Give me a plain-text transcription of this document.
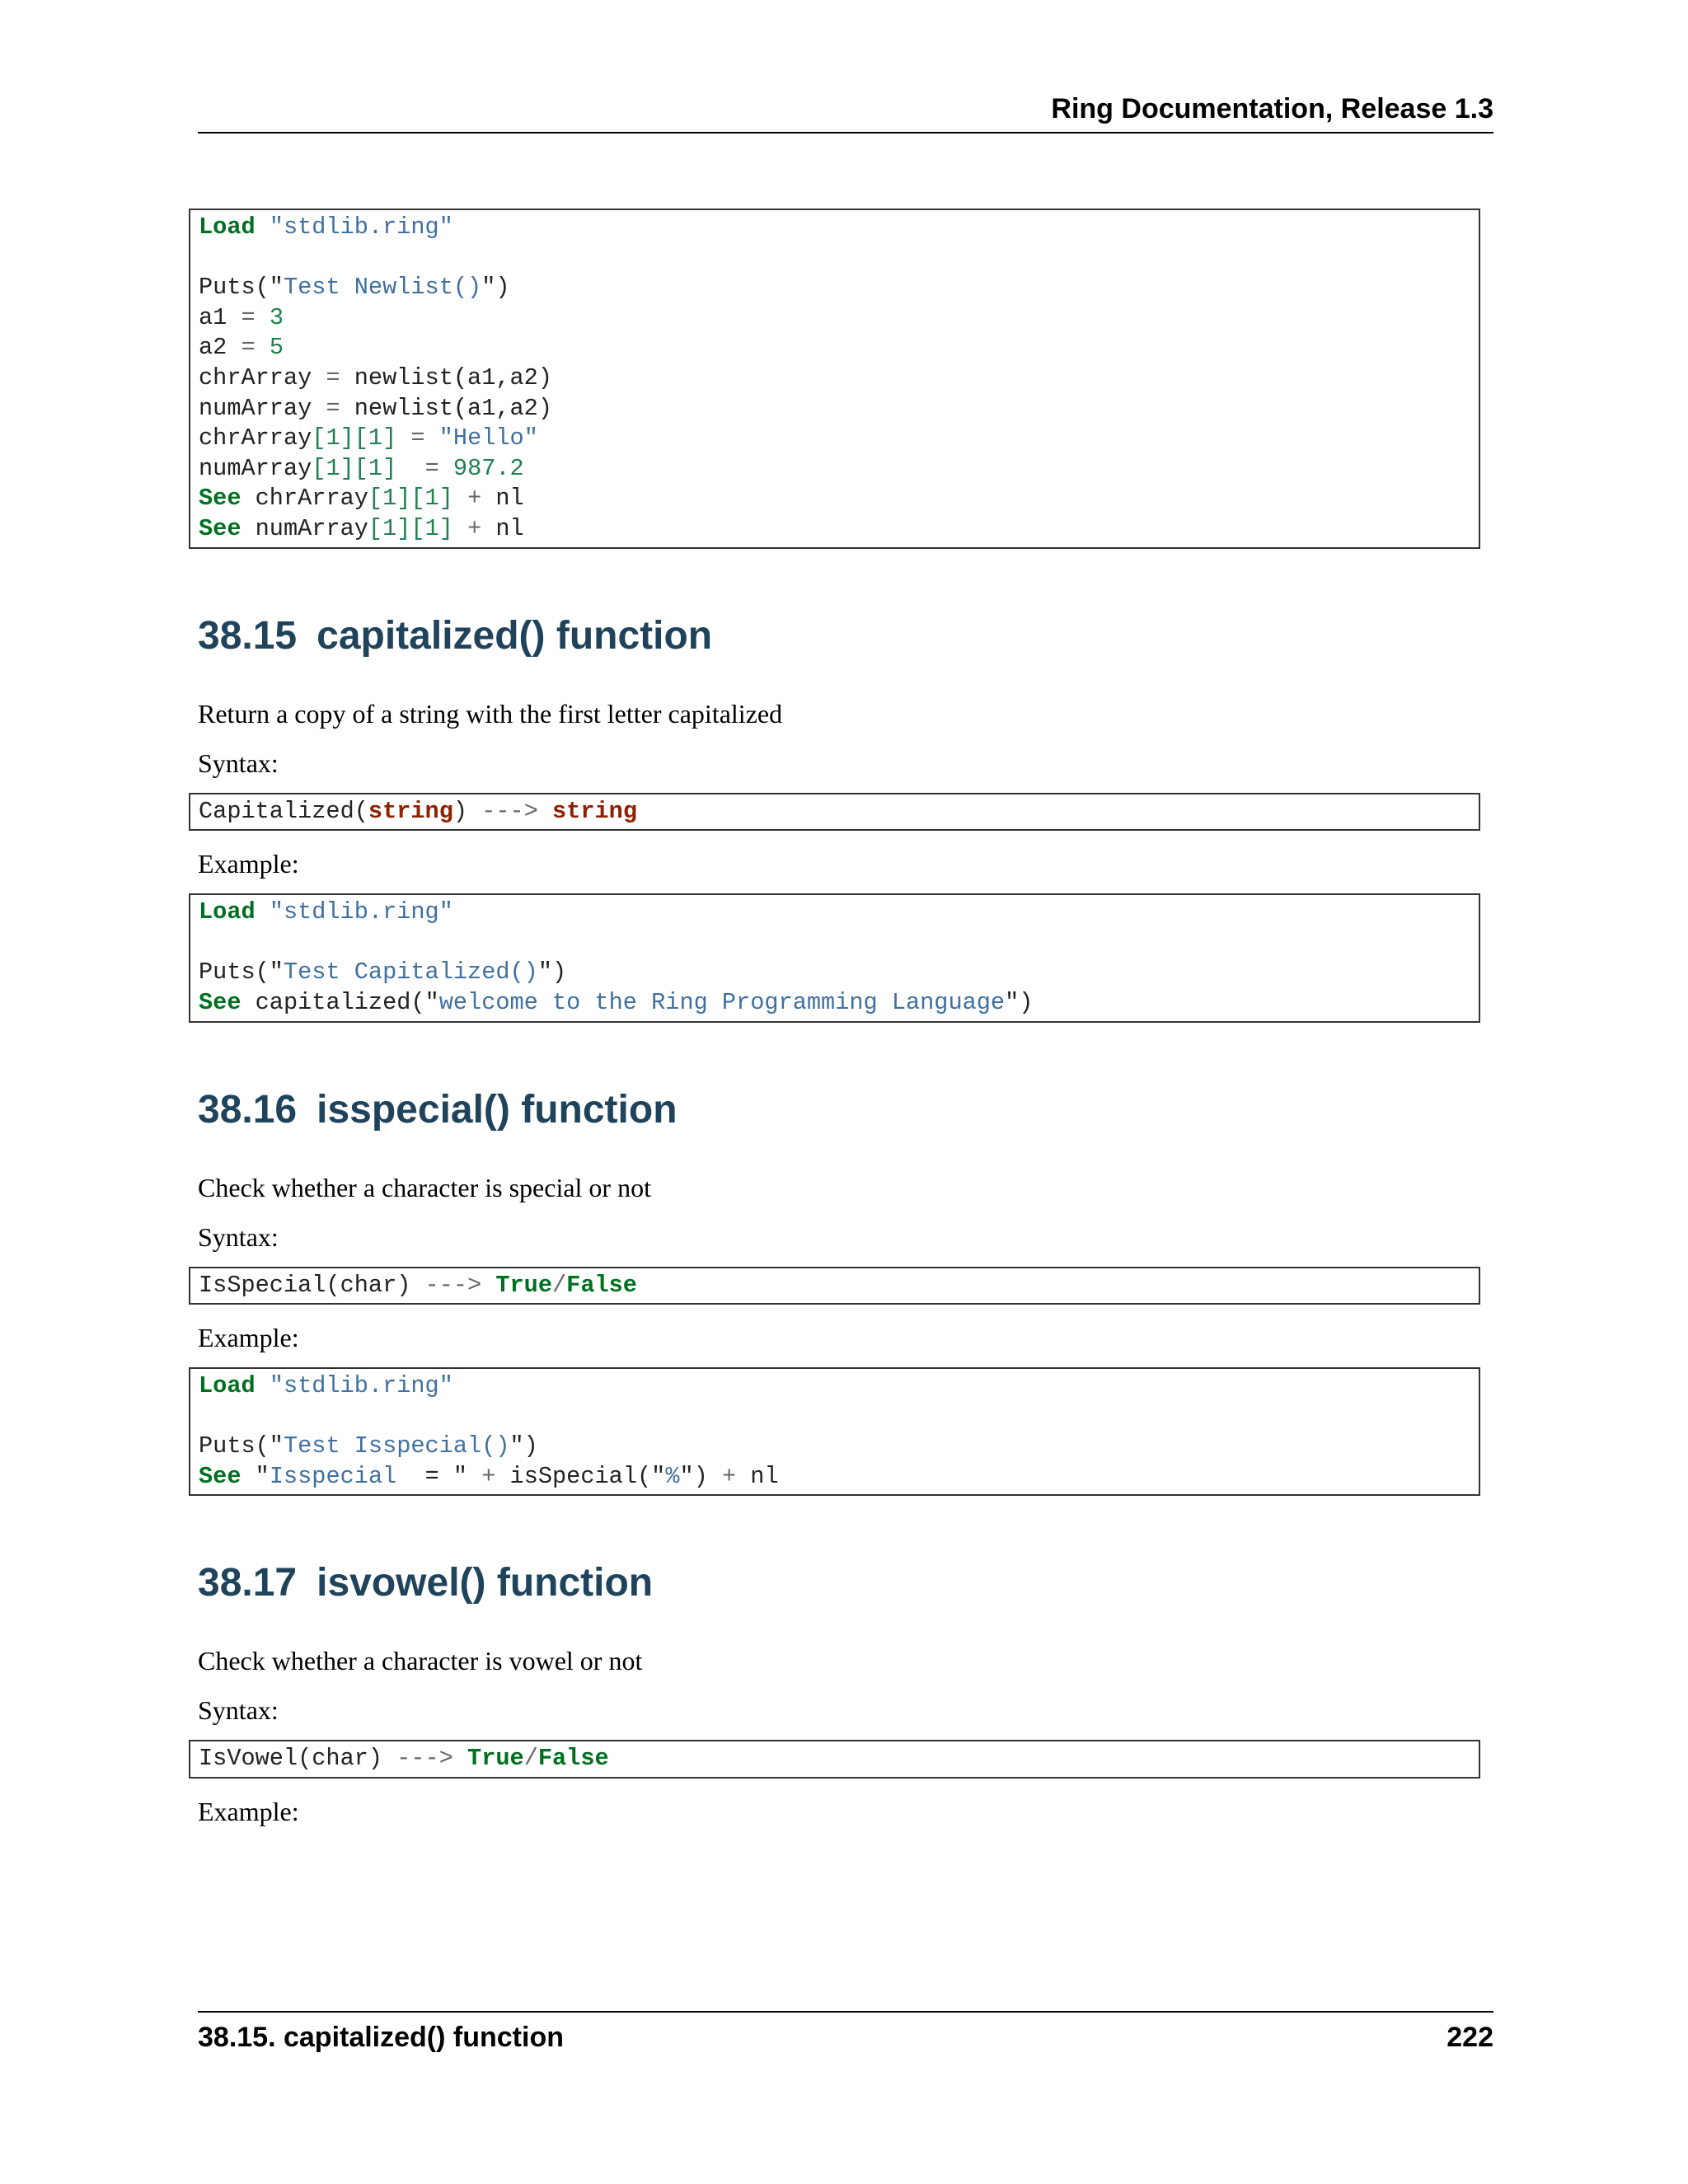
Ring Documentation, Release 1.3
Load "stdlib.ring"
Puts("Test Newlist()")
a1 = 3
a2 = 5
chrArray = newlist(a1,a2)
numArray = newlist(a1,a2)
chrArray[1][1] = "Hello"
numArray[1][1] = 987.2
See chrArray[1][1] + nl
See numArray[1][1] + nl
38.15 capitalized() function

Return a copy of a string with the first letter capitalized

Syntax:

Capitalized(string) ---> string

Example:

Load "stdlib.ring"
Puts("Test Capitalized()")
See capitalized("welcome to the Ring Programming Language")
38.16 isspecial() function

Check whether a character is special or not

Syntax:

IsSpecial(char) ---> True/False

Example:

Load "stdlib.ring"
Puts("Test Isspecial()")
See "Isspecial  = " + isSpecial("%") + nl
38.17 isvowel() function

Check whether a character is vowel or not

Syntax:

IsVowel(char) ---> True/False

Example:

38.15. capitalized() function	222
